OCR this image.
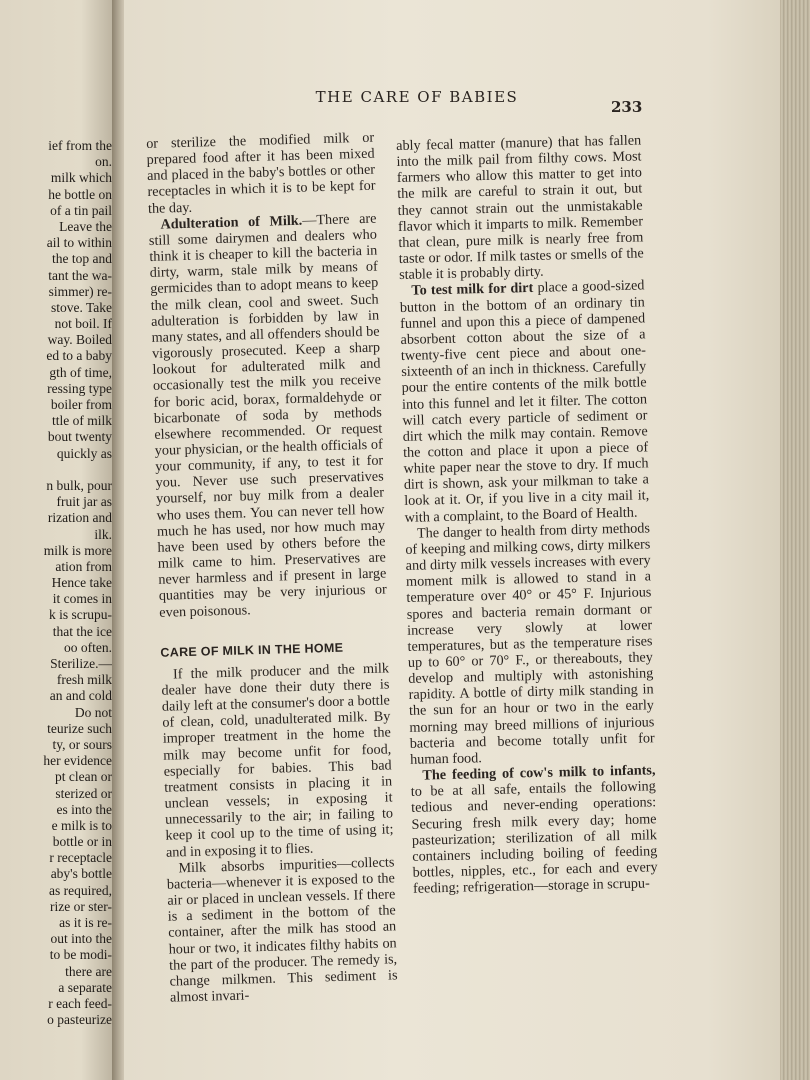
ief from the
on.
milk which
he bottle on
of a tin pail
Leave the
ail to within
the top and
tant the wa-
simmer) re-
stove. Take
not boil. If
way. Boiled
ed to a baby
gth of time,
ressing type
boiler from
ttle of milk
bout twenty
quickly as
n bulk, pour
fruit jar as
rization and
ilk.
milk is more
ation from
Hence take
it comes in
k is scrupu-
that the ice
oo often.
Sterilize.—
fresh milk
an and cold
Do not
teurize such
ty, or sours
her evidence
pt clean or
sterized or
es into the
e milk is to
bottle or in
r receptacle
aby's bottle
as required,
rize or ster-
as it is re-
out into the
to be modi-
there are
a separate
r each feed-
o pasteurize
THE CARE OF BABIES
233

or sterilize the modified milk or prepared food after it has been mixed and placed in the baby's bottles or other receptacles in which it is to be kept for the day.

Adulteration of Milk.—There are still some dairymen and dealers who think it is cheaper to kill the bacteria in dirty, warm, stale milk by means of germicides than to adopt means to keep the milk clean, cool and sweet. Such adulteration is forbidden by law in many states, and all offenders should be vigorously prosecuted. Keep a sharp lookout for adulterated milk and occasionally test the milk you receive for boric acid, borax, formaldehyde or bicarbonate of soda by methods elsewhere recommended. Or request your physician, or the health officials of your community, if any, to test it for you. Never use such preservatives yourself, nor buy milk from a dealer who uses them. You can never tell how much he has used, nor how much may have been used by others before the milk came to him. Preservatives are never harmless and if present in large quantities may be very injurious or even poisonous.

CARE OF MILK IN THE HOME

If the milk producer and the milk dealer have done their duty there is daily left at the consumer's door a bottle of clean, cold, unadulterated milk. By improper treatment in the home the milk may become unfit for food, especially for babies. This bad treatment consists in placing it in unclean vessels; in exposing it unnecessarily to the air; in failing to keep it cool up to the time of using it; and in exposing it to flies.

Milk absorbs impurities—collects bacteria—whenever it is exposed to the air or placed in unclean vessels. If there is a sediment in the bottom of the container, after the milk has stood an hour or two, it indicates filthy habits on the part of the producer. The remedy is, change milkmen. This sediment is almost invari-

ably fecal matter (manure) that has fallen into the milk pail from filthy cows. Most farmers who allow this matter to get into the milk are careful to strain it out, but they cannot strain out the unmistakable flavor which it imparts to milk. Remember that clean, pure milk is nearly free from taste or odor. If milk tastes or smells of the stable it is probably dirty.

To test milk for dirt place a good-sized button in the bottom of an ordinary tin funnel and upon this a piece of dampened absorbent cotton about the size of a twenty-five cent piece and about one-sixteenth of an inch in thickness. Carefully pour the entire contents of the milk bottle into this funnel and let it filter. The cotton will catch every particle of sediment or dirt which the milk may contain. Remove the cotton and place it upon a piece of white paper near the stove to dry. If much dirt is shown, ask your milkman to take a look at it. Or, if you live in a city mail it, with a complaint, to the Board of Health.

The danger to health from dirty methods of keeping and milking cows, dirty milkers and dirty milk vessels increases with every moment milk is allowed to stand in a temperature over 40° or 45° F. Injurious spores and bacteria remain dormant or increase very slowly at lower temperatures, but as the temperature rises up to 60° or 70° F., or thereabouts, they develop and multiply with astonishing rapidity. A bottle of dirty milk standing in the sun for an hour or two in the early morning may breed millions of injurious bacteria and become totally unfit for human food.

The feeding of cow's milk to infants, to be at all safe, entails the following tedious and never-ending operations: Securing fresh milk every day; home pasteurization; sterilization of all milk containers including boiling of feeding bottles, nipples, etc., for each and every feeding; refrigeration—storage in scrupu-
